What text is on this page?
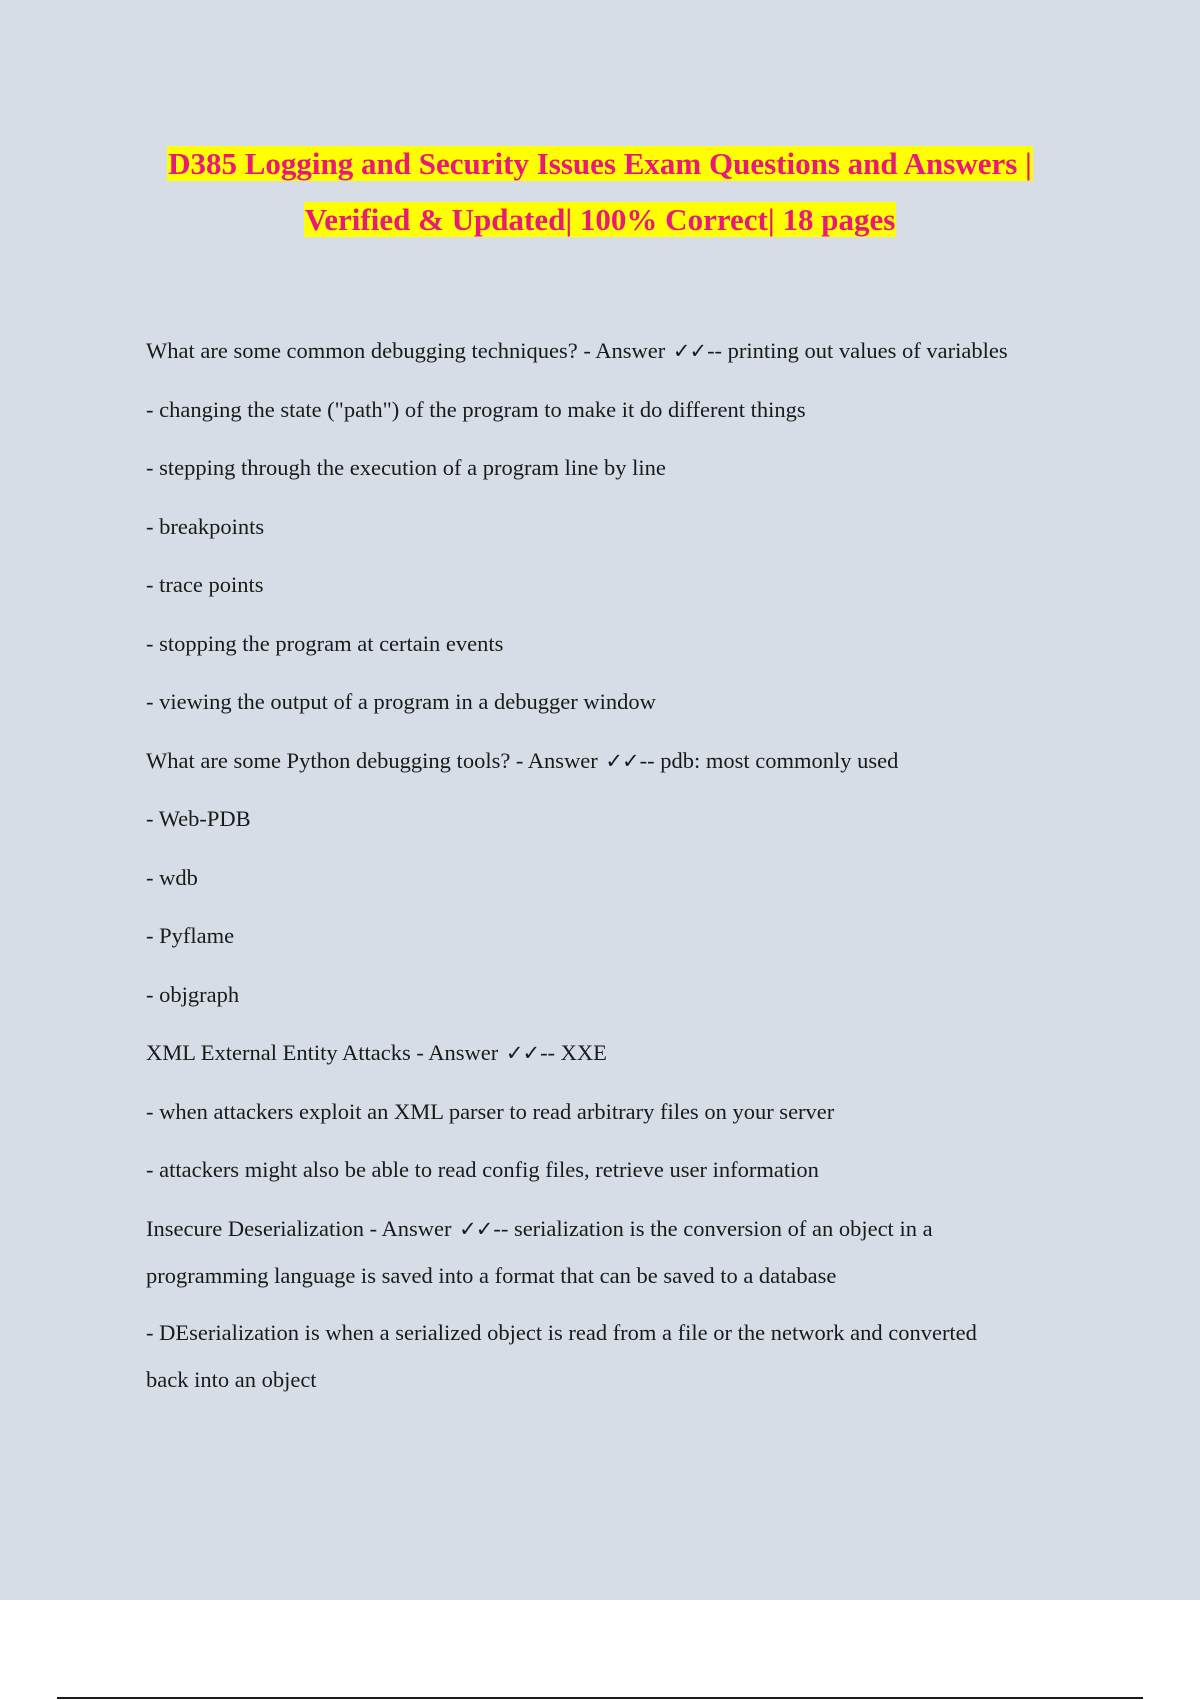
D385 Logging and Security Issues Exam Questions and Answers |
Verified & Updated| 100% Correct| 18 pages
What are some common debugging techniques? - Answer ✓✓-- printing out values of variables
- changing the state ("path") of the program to make it do different things
- stepping through the execution of a program line by line
- breakpoints
- trace points
- stopping the program at certain events
- viewing the output of a program in a debugger window
What are some Python debugging tools? - Answer ✓✓-- pdb: most commonly used
- Web-PDB
- wdb
- Pyflame
- objgraph
XML External Entity Attacks - Answer ✓✓-- XXE
- when attackers exploit an XML parser to read arbitrary files on your server
- attackers might also be able to read config files, retrieve user information
Insecure Deserialization - Answer ✓✓-- serialization is the conversion of an object in a
programming language is saved into a format that can be saved to a database
- DEserialization is when a serialized object is read from a file or the network and converted
back into an object
